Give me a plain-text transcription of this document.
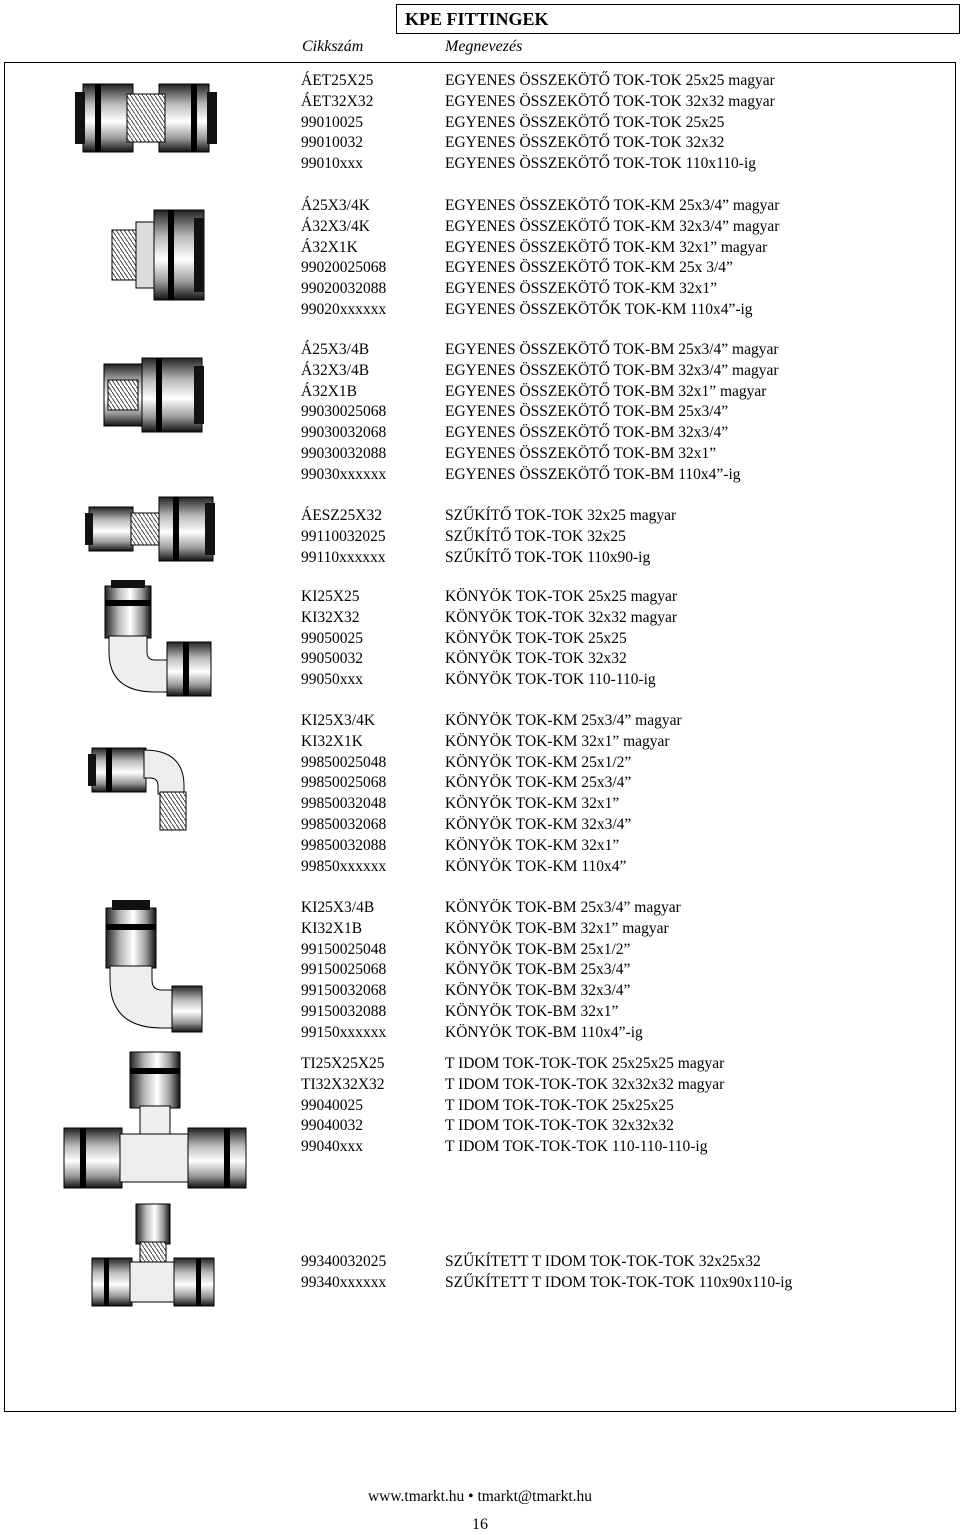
KPE FITTINGEK
Cikkszám	Megnevezés
ÁET25X25	EGYENES ÖSSZEKÖTŐ TOK-TOK 25x25 magyar
ÁET32X32	EGYENES ÖSSZEKÖTŐ TOK-TOK 32x32 magyar
99010025	EGYENES ÖSSZEKÖTŐ TOK-TOK 25x25
99010032	EGYENES ÖSSZEKÖTŐ TOK-TOK 32x32
99010xxx	EGYENES ÖSSZEKÖTŐ TOK-TOK 110x110-ig
Á25X3/4K	EGYENES ÖSSZEKÖTŐ TOK-KM 25x3/4” magyar
Á32X3/4K	EGYENES ÖSSZEKÖTŐ TOK-KM 32x3/4” magyar
Á32X1K	EGYENES ÖSSZEKÖTŐ TOK-KM 32x1” magyar
99020025068	EGYENES ÖSSZEKÖTŐ TOK-KM 25x 3/4”
99020032088	EGYENES ÖSSZEKÖTŐ TOK-KM 32x1”
99020xxxxxx	EGYENES ÖSSZEKÖTŐK TOK-KM 110x4”-ig
Á25X3/4B	EGYENES ÖSSZEKÖTŐ TOK-BM 25x3/4” magyar
Á32X3/4B	EGYENES ÖSSZEKÖTŐ TOK-BM 32x3/4” magyar
Á32X1B	EGYENES ÖSSZEKÖTŐ TOK-BM 32x1” magyar
99030025068	EGYENES ÖSSZEKÖTŐ TOK-BM 25x3/4”
99030032068	EGYENES ÖSSZEKÖTŐ TOK-BM 32x3/4”
99030032088	EGYENES ÖSSZEKÖTŐ TOK-BM 32x1”
99030xxxxxx	EGYENES ÖSSZEKÖTŐ TOK-BM 110x4”-ig
ÁESZ25X32	SZŰKÍTŐ TOK-TOK 32x25 magyar
99110032025	SZŰKÍTŐ TOK-TOK 32x25
99110xxxxxx	SZŰKÍTŐ TOK-TOK 110x90-ig
KI25X25	KÖNYÖK TOK-TOK 25x25 magyar
KI32X32	KÖNYÖK TOK-TOK 32x32 magyar
99050025	KÖNYÖK TOK-TOK 25x25
99050032	KÖNYÖK TOK-TOK 32x32
99050xxx	KÖNYÖK TOK-TOK 110-110-ig
KI25X3/4K	KÖNYÖK TOK-KM 25x3/4” magyar
KI32X1K	KÖNYÖK TOK-KM 32x1” magyar
99850025048	KÖNYÖK TOK-KM 25x1/2”
99850025068	KÖNYÖK TOK-KM 25x3/4”
99850032048	KÖNYÖK TOK-KM 32x1”
99850032068	KÖNYÖK TOK-KM 32x3/4”
99850032088	KÖNYÖK TOK-KM 32x1”
99850xxxxxx	KÖNYÖK TOK-KM 110x4”
KI25X3/4B	KÖNYÖK TOK-BM 25x3/4” magyar
KI32X1B	KÖNYÖK TOK-BM 32x1” magyar
99150025048	KÖNYÖK TOK-BM 25x1/2”
99150025068	KÖNYÖK TOK-BM 25x3/4”
99150032068	KÖNYÖK TOK-BM 32x3/4”
99150032088	KÖNYÖK TOK-BM 32x1”
99150xxxxxx	KÖNYÖK TOK-BM 110x4”-ig
TI25X25X25	T IDOM TOK-TOK-TOK 25x25x25 magyar
TI32X32X32	T IDOM TOK-TOK-TOK 32x32x32 magyar
99040025	T IDOM TOK-TOK-TOK 25x25x25
99040032	T IDOM TOK-TOK-TOK 32x32x32
99040xxx	T IDOM TOK-TOK-TOK 110-110-110-ig
99340032025	SZŰKÍTETT T IDOM TOK-TOK-TOK 32x25x32
99340xxxxxx	SZŰKÍTETT T IDOM TOK-TOK-TOK 110x90x110-ig
www.tmarkt.hu • tmarkt@tmarkt.hu
16
